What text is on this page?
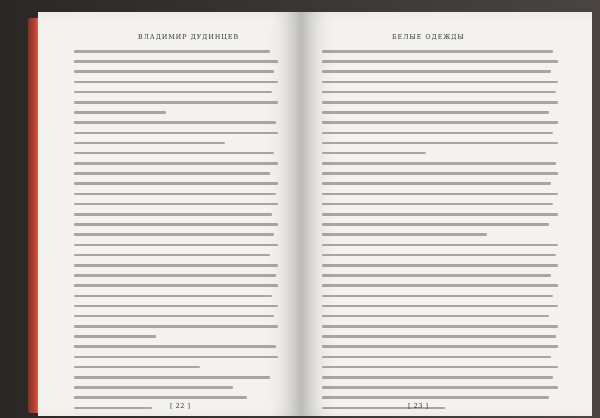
ВЛАДИМИР ДУДИНЦЕВ
[ 22 ]
БЕЛЫЕ ОДЕЖДЫ
[ 23 ]
